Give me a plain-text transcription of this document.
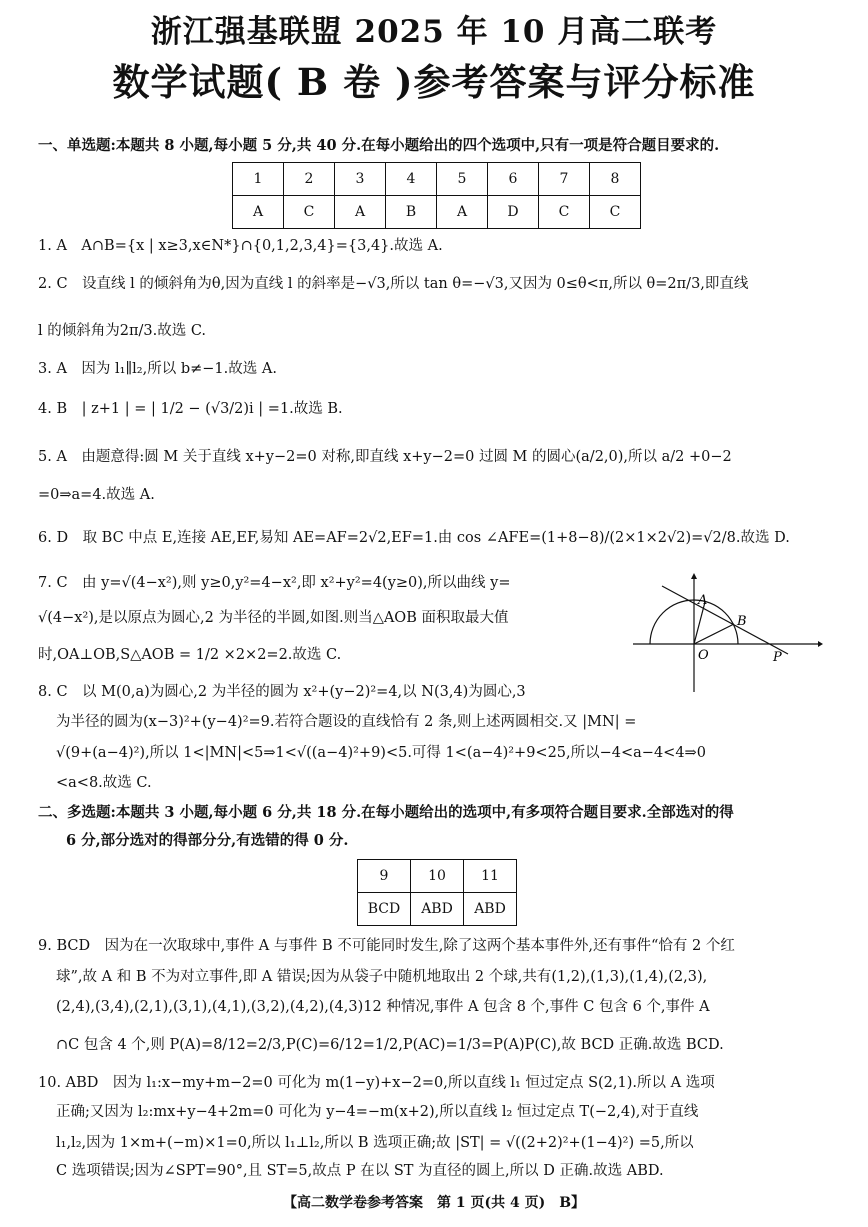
浙江强基联盟 2025 年 10 月高二联考
数学试题( B 卷 )参考答案与评分标准
一、单选题:本题共 8 小题,每小题 5 分,共 40 分.在每小题给出的四个选项中,只有一项是符合题目要求的.
1	2	3	4	5	6	7	8
A	C	A	B	A	D	C	C
1. A　A∩B={x | x≥3,x∈N*}∩{0,1,2,3,4}={3,4}.故选 A.
2. C　设直线 l 的倾斜角为θ,因为直线 l 的斜率是−√3,所以 tan θ=−√3,又因为 0≤θ<π,所以 θ=2π/3,即直线
l 的倾斜角为2π/3.故选 C.
3. A　因为 l₁∥l₂,所以 b≠−1.故选 A.
4. B　| z+1 | = | 1/2 − (√3/2)i | =1.故选 B.
5. A　由题意得:圆 M 关于直线 x+y−2=0 对称,即直线 x+y−2=0 过圆 M 的圆心(a/2,0),所以 a/2 +0−2
=0⇒a=4.故选 A.
6. D　取 BC 中点 E,连接 AE,EF,易知 AE=AF=2√2,EF=1.由 cos ∠AFE=(1+8−8)/(2×1×2√2)=√2/8.故选 D.
7. C　由 y=√(4−x²),则 y≥0,y²=4−x²,即 x²+y²=4(y≥0),所以曲线 y=
√(4−x²),是以原点为圆心,2 为半径的半圆,如图.则当△AOB 面积取最大值
时,OA⊥OB,S△AOB = 1/2 ×2×2=2.故选 C.
A
B
O	P
8. C　以 M(0,a)为圆心,2 为半径的圆为 x²+(y−2)²=4,以 N(3,4)为圆心,3
为半径的圆为(x−3)²+(y−4)²=9.若符合题设的直线恰有 2 条,则上述两圆相交.又 |MN| =
√(9+(a−4)²),所以 1<|MN|<5⇒1<√((a−4)²+9)<5.可得 1<(a−4)²+9<25,所以−4<a−4<4⇒0
<a<8.故选 C.
二、多选题:本题共 3 小题,每小题 6 分,共 18 分.在每小题给出的选项中,有多项符合题目要求.全部选对的得
6 分,部分选对的得部分分,有选错的得 0 分.
9	10	11
BCD	ABD	ABD
9. BCD　因为在一次取球中,事件 A 与事件 B 不可能同时发生,除了这两个基本事件外,还有事件“恰有 2 个红
球”,故 A 和 B 不为对立事件,即 A 错误;因为从袋子中随机地取出 2 个球,共有(1,2),(1,3),(1,4),(2,3),
(2,4),(3,4),(2,1),(3,1),(4,1),(3,2),(4,2),(4,3)12 种情况,事件 A 包含 8 个,事件 C 包含 6 个,事件 A
∩C 包含 4 个,则 P(A)=8/12=2/3,P(C)=6/12=1/2,P(AC)=1/3=P(A)P(C),故 BCD 正确.故选 BCD.
10. ABD　因为 l₁:x−my+m−2=0 可化为 m(1−y)+x−2=0,所以直线 l₁ 恒过定点 S(2,1).所以 A 选项
正确;又因为 l₂:mx+y−4+2m=0 可化为 y−4=−m(x+2),所以直线 l₂ 恒过定点 T(−2,4),对于直线
l₁,l₂,因为 1×m+(−m)×1=0,所以 l₁⊥l₂,所以 B 选项正确;故 |ST| = √((2+2)²+(1−4)²) =5,所以
C 选项错误;因为∠SPT=90°,且 ST=5,故点 P 在以 ST 为直径的圆上,所以 D 正确.故选 ABD.
【高二数学卷参考答案　第 1 页(共 4 页)　B】
